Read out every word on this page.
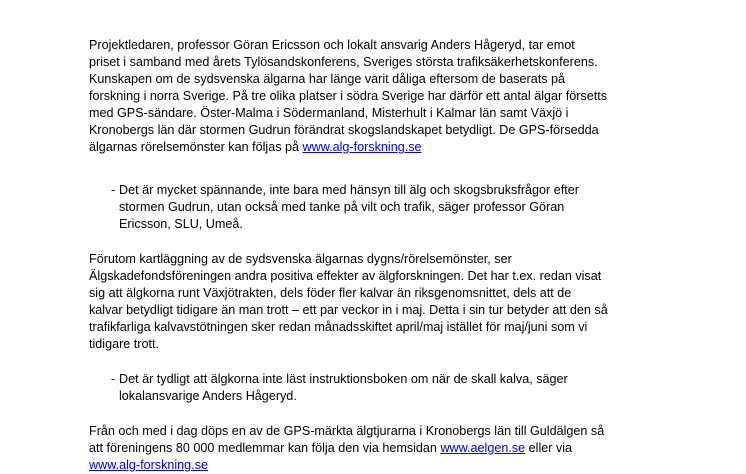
Projektledaren, professor Göran Ericsson och lokalt ansvarig Anders Hågeryd, tar emot
priset i samband med årets Tylösandskonferens, Sveriges största trafiksäkerhetskonferens.
Kunskapen om de sydsvenska älgarna har länge varit dåliga eftersom de baserats på
forskning i norra Sverige. På tre olika platser i södra Sverige har därför ett antal älgar försetts
med GPS-sändare. Öster-Malma i Södermanland, Misterhult i Kalmar län samt Växjö i
Kronobergs län där stormen Gudrun förändrat skogslandskapet betydligt. De GPS-försedda
älgarnas rörelsemönster kan följas på www.alg-forskning.se

- Det är mycket spännande, inte bara med hänsyn till älg och skogsbruksfrågor efter
stormen Gudrun, utan också med tanke på vilt och trafik, säger professor Göran
Ericsson, SLU, Umeå.

Förutom kartläggning av de sydsvenska älgarnas dygns/rörelsemönster, ser
Älgskadefondsföreningen andra positiva effekter av älgforskningen. Det har t.ex. redan visat
sig att älgkorna runt Växjötrakten, dels föder fler kalvar än riksgenomsnittet, dels att de
kalvar betydligt tidigare än man trott – ett par veckor in i maj. Detta i sin tur betyder att den så
trafikfarliga kalvavstötningen sker redan månadsskiftet april/maj istället för maj/juni som vi
tidigare trott.

- Det är tydligt att älgkorna inte läst instruktionsboken om när de skall kalva, säger
lokalansvarige Anders Hågeryd.

Från och med i dag döps en av de GPS-märkta älgtjurarna i Kronobergs län till Guldälgen så
att föreningens 80 000 medlemmar kan följa den via hemsidan www.aelgen.se eller via
www.alg-forskning.se
